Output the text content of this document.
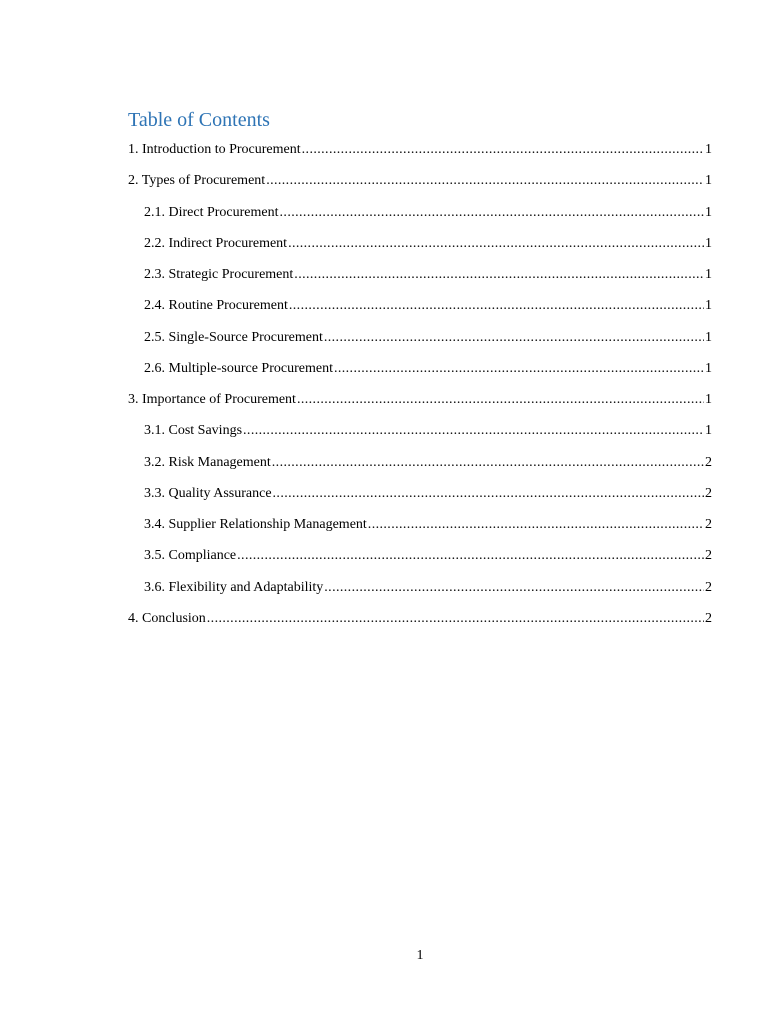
Table of Contents
1. Introduction to Procurement .....	1
2. Types of Procurement .....	1
2.1. Direct Procurement .....	1
2.2. Indirect Procurement .....	1
2.3. Strategic Procurement .....	1
2.4. Routine Procurement .....	1
2.5. Single-Source Procurement .....	1
2.6. Multiple-source Procurement .....	1
3. Importance of Procurement .....	1
3.1. Cost Savings .....	1
3.2. Risk Management .....	2
3.3. Quality Assurance .....	2
3.4. Supplier Relationship Management .....	2
3.5. Compliance .....	2
3.6. Flexibility and Adaptability .....	2
4. Conclusion .....	2
1
